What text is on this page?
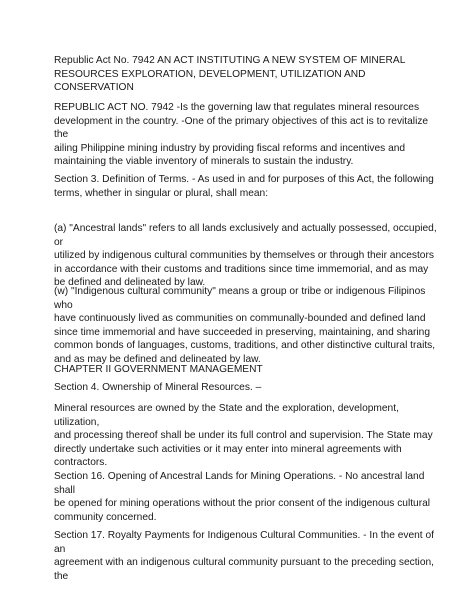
Republic Act No. 7942 AN ACT INSTITUTING A NEW SYSTEM OF MINERAL
RESOURCES EXPLORATION, DEVELOPMENT, UTILIZATION AND CONSERVATION

REPUBLIC ACT NO. 7942 -Is the governing law that regulates mineral resources
development in the country. -One of the primary objectives of this act is to revitalize the
ailing Philippine mining industry by providing fiscal reforms and incentives and
maintaining the viable inventory of minerals to sustain the industry.

Section 3. Definition of Terms. - As used in and for purposes of this Act, the following
terms, whether in singular or plural, shall mean:

(a) "Ancestral lands" refers to all lands exclusively and actually possessed, occupied, or
utilized by indigenous cultural communities by themselves or through their ancestors
in accordance with their customs and traditions since time immemorial, and as may
be defined and delineated by law.

(w) "Indigenous cultural community" means a group or tribe or indigenous Filipinos who
have continuously lived as communities on communally-bounded and defined land
since time immemorial and have succeeded in preserving, maintaining, and sharing
common bonds of languages, customs, traditions, and other distinctive cultural traits,
and as may be defined and delineated by law.

CHAPTER II GOVERNMENT MANAGEMENT

Section 4. Ownership of Mineral Resources. –

Mineral resources are owned by the State and the exploration, development, utilization,
and processing thereof shall be under its full control and supervision. The State may
directly undertake such activities or it may enter into mineral agreements with
contractors.

Section 16. Opening of Ancestral Lands for Mining Operations. - No ancestral land shall
be opened for mining operations without the prior consent of the indigenous cultural
community concerned.

Section 17. Royalty Payments for Indigenous Cultural Communities. - In the event of an
agreement with an indigenous cultural community pursuant to the preceding section, the
